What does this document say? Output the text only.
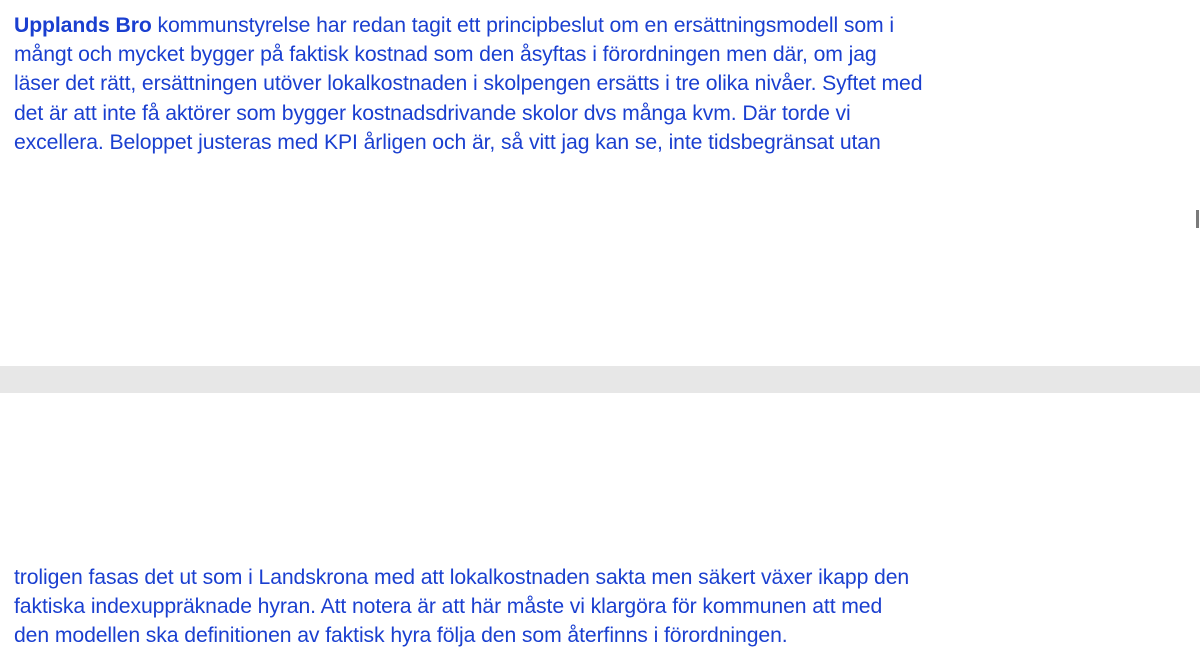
Upplands Bro kommunstyrelse har redan tagit ett principbeslut om en ersättningsmodell som i
mångt och mycket bygger på faktisk kostnad som den åsyftas i förordningen men där, om jag
läser det rätt, ersättningen utöver lokalkostnaden i skolpengen ersätts i tre olika nivåer. Syftet med
det är att inte få aktörer som bygger kostnadsdrivande skolor dvs många kvm. Där torde vi
excellera. Beloppet justeras med KPI årligen och är, så vitt jag kan se, inte tidsbegränsat utan
troligen fasas det ut som i Landskrona med att lokalkostnaden sakta men säkert växer ikapp den
faktiska indexuppräknade hyran. Att notera är att här måste vi klargöra för kommunen att med
den modellen ska definitionen av faktisk hyra följa den som återfinns i förordningen.
